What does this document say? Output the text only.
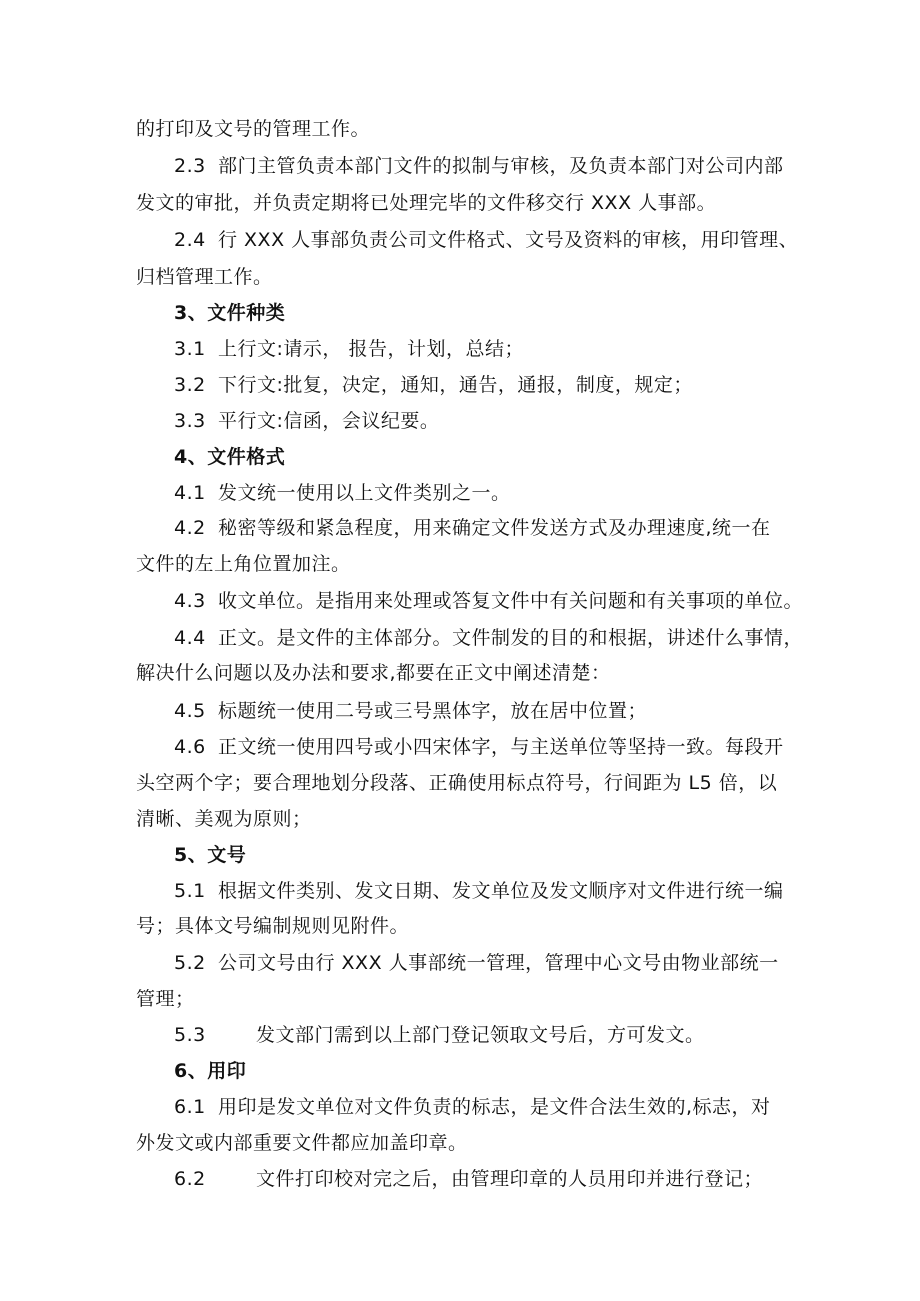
的打印及文号的管理工作。
2.3 部门主管负责本部门文件的拟制与审核，及负责本部门对公司内部
发文的审批，并负责定期将已处理完毕的文件移交行 XXX 人事部。
2.4 行 XXX 人事部负责公司文件格式、文号及资料的审核，用印管理、
归档管理工作。
3、文件种类
3.1 上行文:请示， 报告，计划，总结；
3.2 下行文:批复，决定，通知，通告，通报，制度，规定；
3.3 平行文:信函，会议纪要。
4、文件格式
4.1 发文统一使用以上文件类别之一。
4.2 秘密等级和紧急程度，用来确定文件发送方式及办理速度,统一在
文件的左上角位置加注。
4.3 收文单位。是指用来处理或答复文件中有关问题和有关事项的单位。
4.4 正文。是文件的主体部分。文件制发的目的和根据，讲述什么事情，
解决什么问题以及办法和要求,都要在正文中阐述清楚：
4.5 标题统一使用二号或三号黑体字，放在居中位置；
4.6 正文统一使用四号或小四宋体字，与主送单位等坚持一致。每段开
头空两个字；要合理地划分段落、正确使用标点符号，行间距为 L5 倍，以
清晰、美观为原则；
5、文号
5.1 根据文件类别、发文日期、发文单位及发文顺序对文件进行统一编
号；具体文号编制规则见附件。
5.2 公司文号由行 XXX 人事部统一管理，管理中心文号由物业部统一
管理；
5.3	发文部门需到以上部门登记领取文号后，方可发文。
6、用印
6.1 用印是发文单位对文件负责的标志，是文件合法生效的,标志，对
外发文或内部重要文件都应加盖印章。
6.2	文件打印校对完之后，由管理印章的人员用印并进行登记；
